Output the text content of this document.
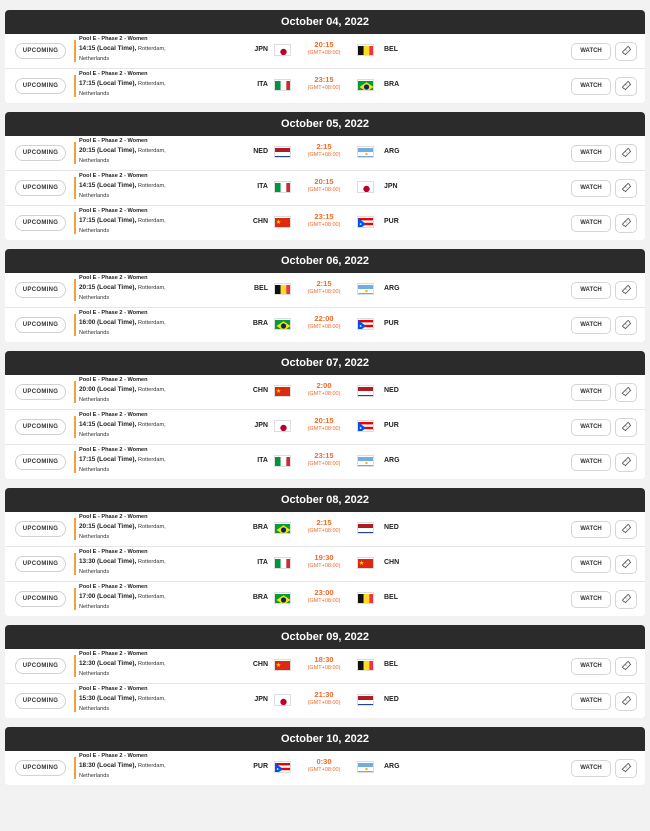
October 04, 2022
UPCOMING
Pool E - Phase 2 - Women
14:15 (Local Time), Rotterdam,
Netherlands
JPN
20:15
(GMT+08:00)	BEL	WATCH
UPCOMING
Pool E - Phase 2 - Women
17:15 (Local Time), Rotterdam,
Netherlands
ITA
23:15
(GMT+08:00)	BRA	WATCH
October 05, 2022
UPCOMING
Pool E - Phase 2 - Women
20:15 (Local Time), Rotterdam,
Netherlands
NED
2:15
(GMT+08:00)	ARG	WATCH
UPCOMING
Pool E - Phase 2 - Women
14:15 (Local Time), Rotterdam,
Netherlands
ITA
20:15
(GMT+08:00)	JPN	WATCH
UPCOMING
Pool E - Phase 2 - Women
17:15 (Local Time), Rotterdam,
Netherlands
CHN
23:15
(GMT+08:00)	PUR	WATCH
October 06, 2022
UPCOMING
Pool E - Phase 2 - Women
20:15 (Local Time), Rotterdam,
Netherlands
BEL
2:15
(GMT+08:00)	ARG	WATCH
UPCOMING
Pool E - Phase 2 - Women
16:00 (Local Time), Rotterdam,
Netherlands
BRA
22:00
(GMT+08:00)	PUR	WATCH
October 07, 2022
UPCOMING
Pool E - Phase 2 - Women
20:00 (Local Time), Rotterdam,
Netherlands
CHN
2:00
(GMT+08:00)	NED	WATCH
UPCOMING
Pool E - Phase 2 - Women
14:15 (Local Time), Rotterdam,
Netherlands
JPN
20:15
(GMT+08:00)	PUR	WATCH
UPCOMING
Pool E - Phase 2 - Women
17:15 (Local Time), Rotterdam,
Netherlands
ITA
23:15
(GMT+08:00)	ARG	WATCH
October 08, 2022
UPCOMING
Pool E - Phase 2 - Women
20:15 (Local Time), Rotterdam,
Netherlands
BRA
2:15
(GMT+08:00)	NED	WATCH
UPCOMING
Pool E - Phase 2 - Women
13:30 (Local Time), Rotterdam,
Netherlands
ITA
19:30
(GMT+08:00)	CHN	WATCH
UPCOMING
Pool E - Phase 2 - Women
17:00 (Local Time), Rotterdam,
Netherlands
BRA
23:00
(GMT+08:00)	BEL	WATCH
October 09, 2022
UPCOMING
Pool E - Phase 2 - Women
12:30 (Local Time), Rotterdam,
Netherlands
CHN
18:30
(GMT+08:00)	BEL	WATCH
UPCOMING
Pool E - Phase 2 - Women
15:30 (Local Time), Rotterdam,
Netherlands
JPN
21:30
(GMT+08:00)	NED	WATCH
October 10, 2022
UPCOMING
Pool E - Phase 2 - Women
18:30 (Local Time), Rotterdam,
Netherlands
PUR
0:30
(GMT+08:00)	ARG	WATCH
